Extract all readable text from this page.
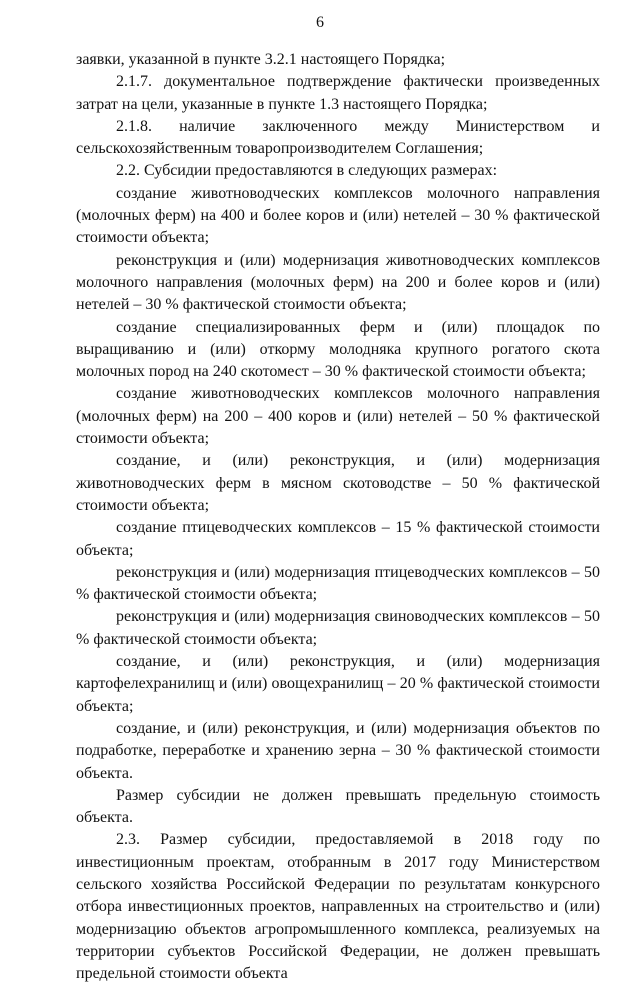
6

заявки, указанной в пункте 3.2.1 настоящего Порядка;

2.1.7. документальное подтверждение фактически произведенных затрат на цели, указанные в пункте 1.3 настоящего Порядка;

2.1.8. наличие заключенного между Министерством и сельскохозяйственным товаропроизводителем Соглашения;

2.2. Субсидии предоставляются в следующих размерах:

создание животноводческих комплексов молочного направления (молочных ферм) на 400 и более коров и (или) нетелей – 30 % фактической стоимости объекта;

реконструкция и (или) модернизация животноводческих комплексов молочного направления (молочных ферм) на 200 и более коров и (или) нетелей – 30 % фактической стоимости объекта;

создание специализированных ферм и (или) площадок по выращиванию и (или) откорму молодняка крупного рогатого скота молочных пород на 240 скотомест – 30 % фактической стоимости объекта;

создание животноводческих комплексов молочного направления (молочных ферм) на 200 – 400 коров и (или) нетелей – 50 % фактической стоимости объекта;

создание, и (или) реконструкция, и (или) модернизация животноводческих ферм в мясном скотоводстве – 50 % фактической стоимости объекта;

создание птицеводческих комплексов – 15 % фактической стоимости объекта;

реконструкция и (или) модернизация птицеводческих комплексов – 50 % фактической стоимости объекта;

реконструкция и (или) модернизация свиноводческих комплексов – 50 % фактической стоимости объекта;

создание, и (или) реконструкция, и (или) модернизация картофелехранилищ и (или) овощехранилищ – 20 % фактической стоимости объекта;

создание, и (или) реконструкция, и (или) модернизация объектов по подработке, переработке и хранению зерна – 30 % фактической стоимости объекта.

Размер субсидии не должен превышать предельную стоимость объекта.

2.3. Размер субсидии, предоставляемой в 2018 году по инвестиционным проектам, отобранным в 2017 году Министерством сельского хозяйства Российской Федерации по результатам конкурсного отбора инвестиционных проектов, направленных на строительство и (или) модернизацию объектов агропромышленного комплекса, реализуемых на территории субъектов Российской Федерации, не должен превышать предельной стоимости объекта
